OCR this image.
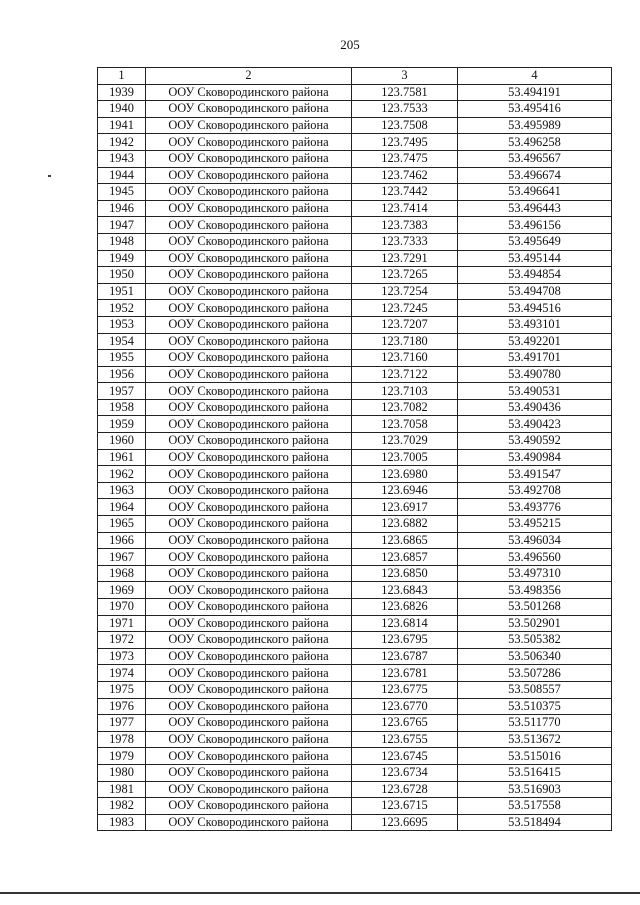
205
1	2	3	4
1939	ООУ Сковородинского района	123.7581	53.494191
1940	ООУ Сковородинского района	123.7533	53.495416
1941	ООУ Сковородинского района	123.7508	53.495989
1942	ООУ Сковородинского района	123.7495	53.496258
1943	ООУ Сковородинского района	123.7475	53.496567
1944	ООУ Сковородинского района	123.7462	53.496674
1945	ООУ Сковородинского района	123.7442	53.496641
1946	ООУ Сковородинского района	123.7414	53.496443
1947	ООУ Сковородинского района	123.7383	53.496156
1948	ООУ Сковородинского района	123.7333	53.495649
1949	ООУ Сковородинского района	123.7291	53.495144
1950	ООУ Сковородинского района	123.7265	53.494854
1951	ООУ Сковородинского района	123.7254	53.494708
1952	ООУ Сковородинского района	123.7245	53.494516
1953	ООУ Сковородинского района	123.7207	53.493101
1954	ООУ Сковородинского района	123.7180	53.492201
1955	ООУ Сковородинского района	123.7160	53.491701
1956	ООУ Сковородинского района	123.7122	53.490780
1957	ООУ Сковородинского района	123.7103	53.490531
1958	ООУ Сковородинского района	123.7082	53.490436
1959	ООУ Сковородинского района	123.7058	53.490423
1960	ООУ Сковородинского района	123.7029	53.490592
1961	ООУ Сковородинского района	123.7005	53.490984
1962	ООУ Сковородинского района	123.6980	53.491547
1963	ООУ Сковородинского района	123.6946	53.492708
1964	ООУ Сковородинского района	123.6917	53.493776
1965	ООУ Сковородинского района	123.6882	53.495215
1966	ООУ Сковородинского района	123.6865	53.496034
1967	ООУ Сковородинского района	123.6857	53.496560
1968	ООУ Сковородинского района	123.6850	53.497310
1969	ООУ Сковородинского района	123.6843	53.498356
1970	ООУ Сковородинского района	123.6826	53.501268
1971	ООУ Сковородинского района	123.6814	53.502901
1972	ООУ Сковородинского района	123.6795	53.505382
1973	ООУ Сковородинского района	123.6787	53.506340
1974	ООУ Сковородинского района	123.6781	53.507286
1975	ООУ Сковородинского района	123.6775	53.508557
1976	ООУ Сковородинского района	123.6770	53.510375
1977	ООУ Сковородинского района	123.6765	53.511770
1978	ООУ Сковородинского района	123.6755	53.513672
1979	ООУ Сковородинского района	123.6745	53.515016
1980	ООУ Сковородинского района	123.6734	53.516415
1981	ООУ Сковородинского района	123.6728	53.516903
1982	ООУ Сковородинского района	123.6715	53.517558
1983	ООУ Сковородинского района	123.6695	53.518494
